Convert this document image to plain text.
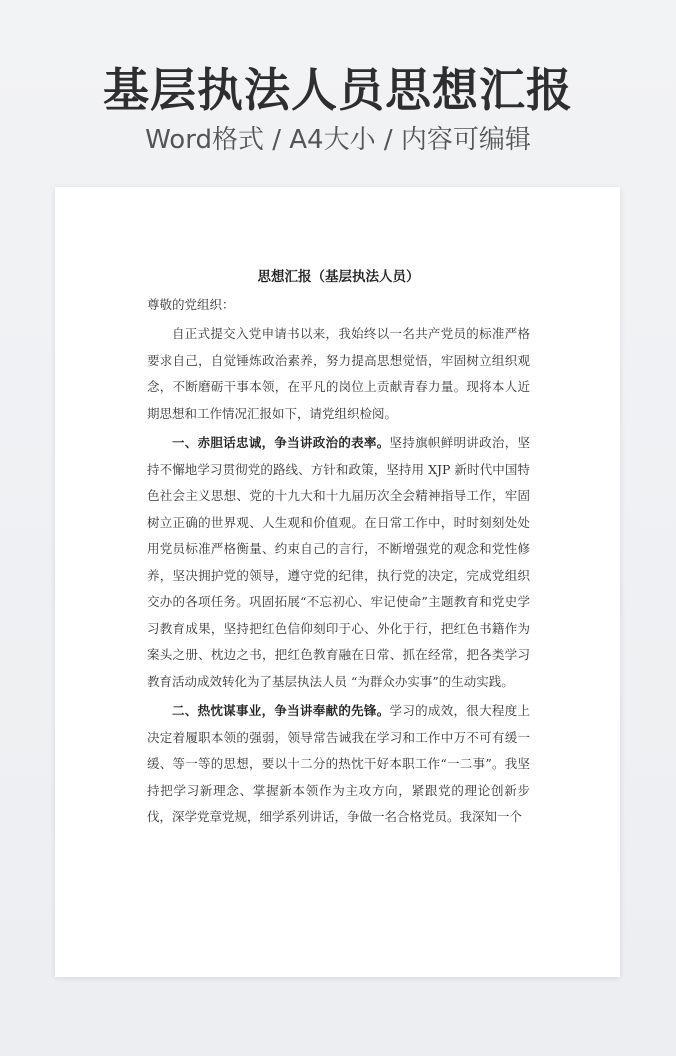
基层执法人员思想汇报
Word格式 / A4大小 / 内容可编辑
思想汇报（基层执法人员）
尊敬的党组织：

自正式提交入党申请书以来，我始终以一名共产党员的标准严格要求自己，自觉锤炼政治素养，努力提高思想觉悟，牢固树立组织观念，不断磨砺干事本领，在平凡的岗位上贡献青春力量。现将本人近期思想和工作情况汇报如下，请党组织检阅。

一、赤胆话忠诚，争当讲政治的表率。坚持旗帜鲜明讲政治，坚持不懈地学习贯彻党的路线、方针和政策，坚持用 XJP 新时代中国特色社会主义思想、党的十九大和十九届历次全会精神指导工作，牢固树立正确的世界观、人生观和价值观。在日常工作中，时时刻刻处处用党员标准严格衡量、约束自己的言行，不断增强党的观念和党性修养，坚决拥护党的领导，遵守党的纪律，执行党的决定，完成党组织交办的各项任务。巩固拓展“不忘初心、牢记使命”主题教育和党史学习教育成果，坚持把红色信仰刻印于心、外化于行，把红色书籍作为案头之册、枕边之书，把红色教育融在日常、抓在经常，把各类学习教育活动成效转化为了基层执法人员 “为群众办实事”的生动实践。

二、热忱谋事业，争当讲奉献的先锋。学习的成效，很大程度上决定着履职本领的强弱，领导常告诫我在学习和工作中万不可有缓一缓、等一等的思想，要以十二分的热忱干好本职工作“一二事”。我坚持把学习新理念、掌握新本领作为主攻方向，紧跟党的理论创新步伐，深学党章党规，细学系列讲话，争做一名合格党员。我深知一个
